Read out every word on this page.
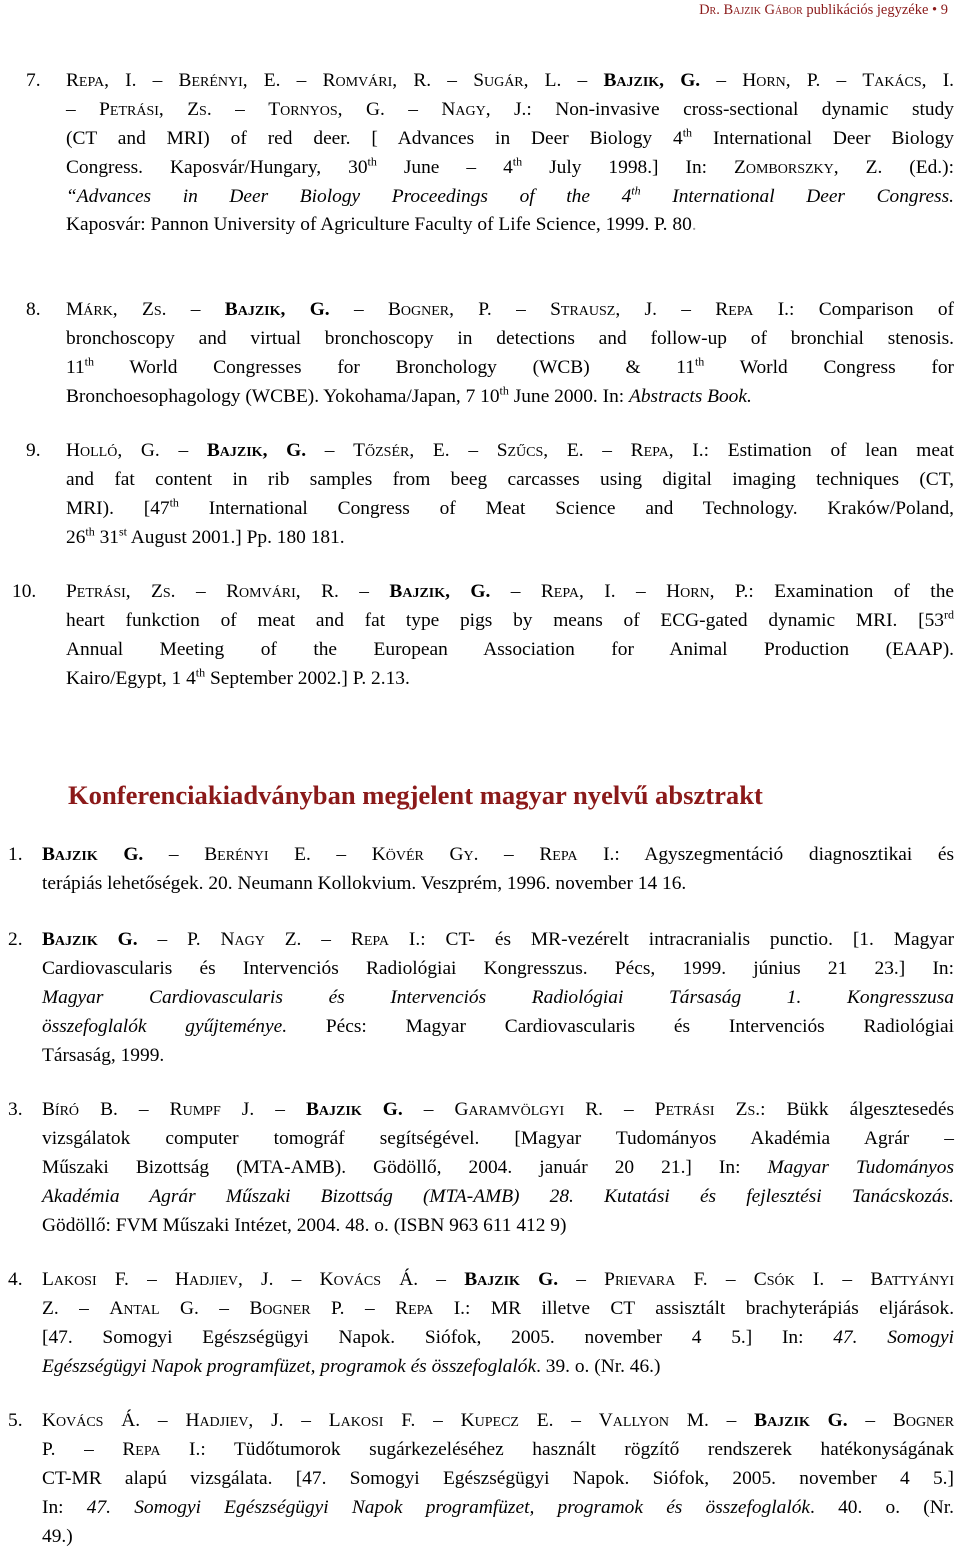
Dr. Bajzik Gábor publikációs jegyzéke • 9
7. Repa, I. – Berényi, E. – Romvári, R. – Sugár, L. – Bajzik, G. – Horn, P. – Takács, I.
– Petrási, Zs. – Tornyos, G. – Nagy, J.: Non-invasive cross-sectional dynamic study
(CT and MRI) of red deer. [ Advances in Deer Biology 4th International Deer Biology
Congress. Kaposvár/Hungary, 30th June – 4th July 1998.] In: Zomborszky, Z. (Ed.):
“Advances in Deer Biology Proceedings of the 4th International Deer Congress.
Kaposvár: Pannon University of Agriculture Faculty of Life Science, 1999. P. 80.
8. Márk, Zs. – Bajzik, G. – Bogner, P. – Strausz, J. – Repa I.: Comparison of
bronchoscopy and virtual bronchoscopy in detections and follow-up of bronchial stenosis.
11th World Congresses for Bronchology (WCB) & 11th World Congress for
Bronchoesophagology (WCBE). Yokohama/Japan, 7 10th June 2000. In: Abstracts Book.
9. Holló, G. – Bajzik, G. – Tőzsér, E. – Szűcs, E. – Repa, I.: Estimation of lean meat
and fat content in rib samples from beeg carcasses using digital imaging techniques (CT,
MRI). [47th International Congress of Meat Science and Technology. Kraków/Poland,
26th 31st August 2001.] Pp. 180 181.
10. Petrási, Zs. – Romvári, R. – Bajzik, G. – Repa, I. – Horn, P.: Examination of the
heart funkction of meat and fat type pigs by means of ECG-gated dynamic MRI. [53rd
Annual Meeting of the European Association for Animal Production (EAAP).
Kairo/Egypt, 1 4th September 2002.] P. 2.13.
Konferenciakiadványban megjelent magyar nyelvű absztrakt
1. Bajzik G. – Berényi E. – Kövér Gy. – Repa I.: Agyszegmentáció diagnosztikai és
terápiás lehetőségek. 20. Neumann Kollokvium. Veszprém, 1996. november 14 16.
2. Bajzik G. – P. Nagy Z. – Repa I.: CT- és MR-vezérelt intracranialis punctio. [1. Magyar
Cardiovascularis és Intervenciós Radiológiai Kongresszus. Pécs, 1999. június 21 23.] In:
Magyar Cardiovascularis és Intervenciós Radiológiai Társaság 1. Kongresszusa
összefoglalók gyűjteménye. Pécs: Magyar Cardiovascularis és Intervenciós Radiológiai
Társaság, 1999.
3. Bíró B. – Rumpf J. – Bajzik G. – Garamvölgyi R. – Petrási Zs.: Bükk álgesztesedés
vizsgálatok computer tomográf segítségével. [Magyar Tudományos Akadémia Agrár –
Műszaki Bizottság (MTA-AMB). Gödöllő, 2004. január 20 21.] In: Magyar Tudományos
Akadémia Agrár Műszaki Bizottság (MTA-AMB) 28. Kutatási és fejlesztési Tanácskozás.
Gödöllő: FVM Műszaki Intézet, 2004. 48. o. (ISBN 963 611 412 9)
4. Lakosi F. – Hadjiev, J. – Kovács Á. – Bajzik G. – Prievara F. – Csók I. – Battyányi
Z. – Antal G. – Bogner P. – Repa I.: MR illetve CT assisztált brachyterápiás eljárások.
[47. Somogyi Egészségügyi Napok. Siófok, 2005. november 4 5.] In: 47. Somogyi
Egészségügyi Napok programfüzet, programok és összefoglalók. 39. o. (Nr. 46.)
5. Kovács Á. – Hadjiev, J. – Lakosi F. – Kupecz E. – Vallyon M. – Bajzik G. – Bogner
P. – Repa I.: Tüdőtumorok sugárkezeléséhez használt rögzítő rendszerek hatékonyságának
CT-MR alapú vizsgálata. [47. Somogyi Egészségügyi Napok. Siófok, 2005. november 4 5.]
In: 47. Somogyi Egészségügyi Napok programfüzet, programok és összefoglalók. 40. o. (Nr.
49.)
